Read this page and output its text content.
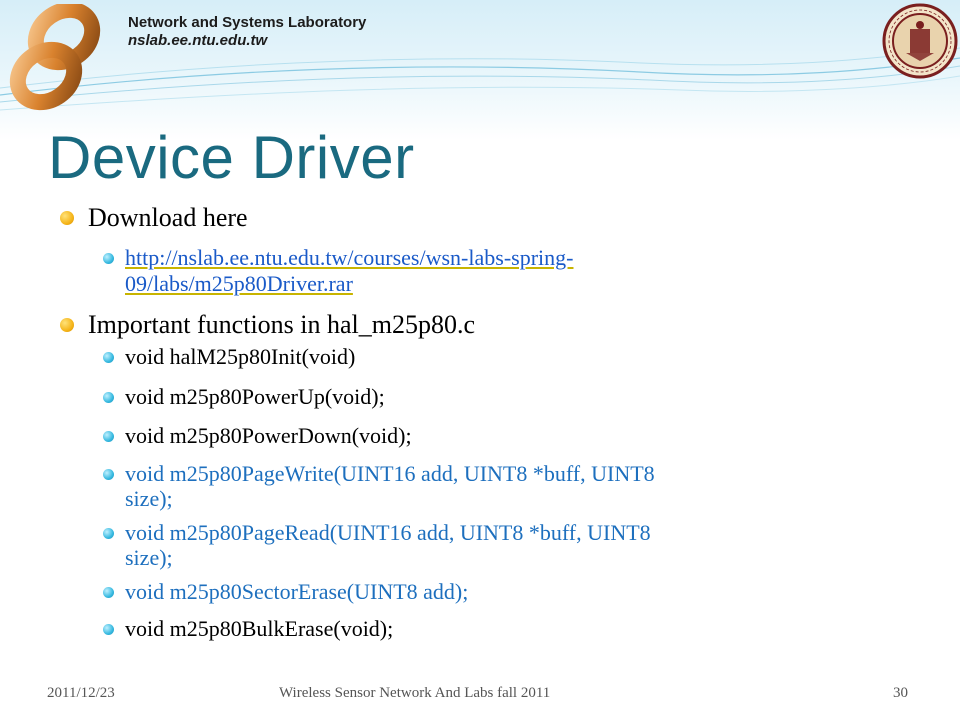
Network and Systems Laboratory
nslab.ee.ntu.edu.tw
Device Driver
Download here
http://nslab.ee.ntu.edu.tw/courses/wsn-labs-spring-
09/labs/m25p80Driver.rar
Important functions in hal_m25p80.c
void halM25p80Init(void)
void m25p80PowerUp(void);
void m25p80PowerDown(void);
void m25p80PageWrite(UINT16 add, UINT8 *buff, UINT8
size);
void m25p80PageRead(UINT16 add, UINT8 *buff, UINT8
size);
void m25p80SectorErase(UINT8 add);
void m25p80BulkErase(void);
2011/12/23	Wireless Sensor Network And Labs fall 2011	30
